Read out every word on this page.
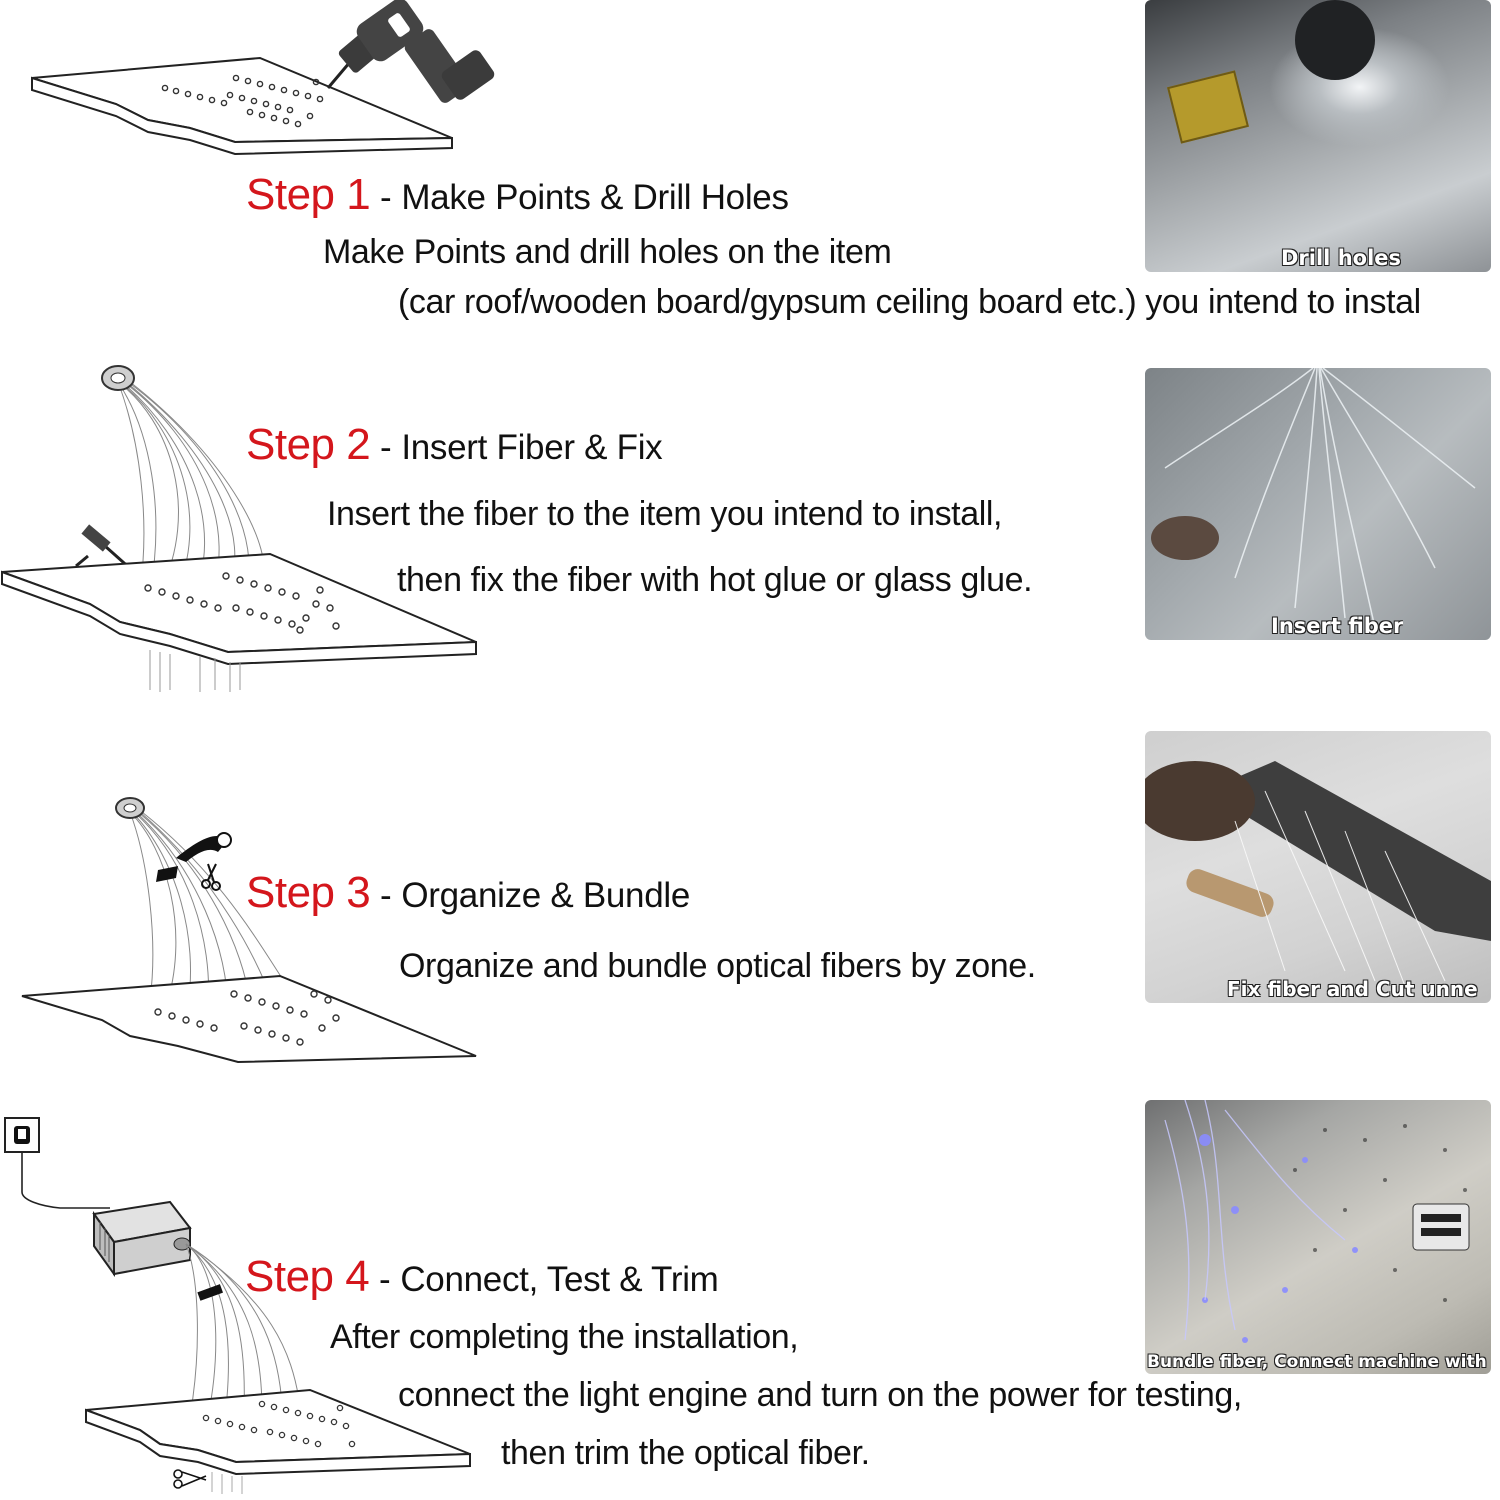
Step 1 - Make Points & Drill Holes
Make Points and drill holes on the item
(car roof/wooden board/gypsum ceiling board etc.) you intend to instal
Drill holes
Step 2 - Insert Fiber & Fix
Insert the fiber to the item you intend to install,
then fix the fiber with hot glue or glass glue.
Insert fiber
Step 3 - Organize & Bundle
Organize and bundle optical fibers by zone.
Fix fiber and Cut unne
Step 4 - Connect, Test & Trim
After completing the installation,
connect the light engine and turn on the power for testing,
then trim the optical fiber.
Bundle fiber, Connect machine with
